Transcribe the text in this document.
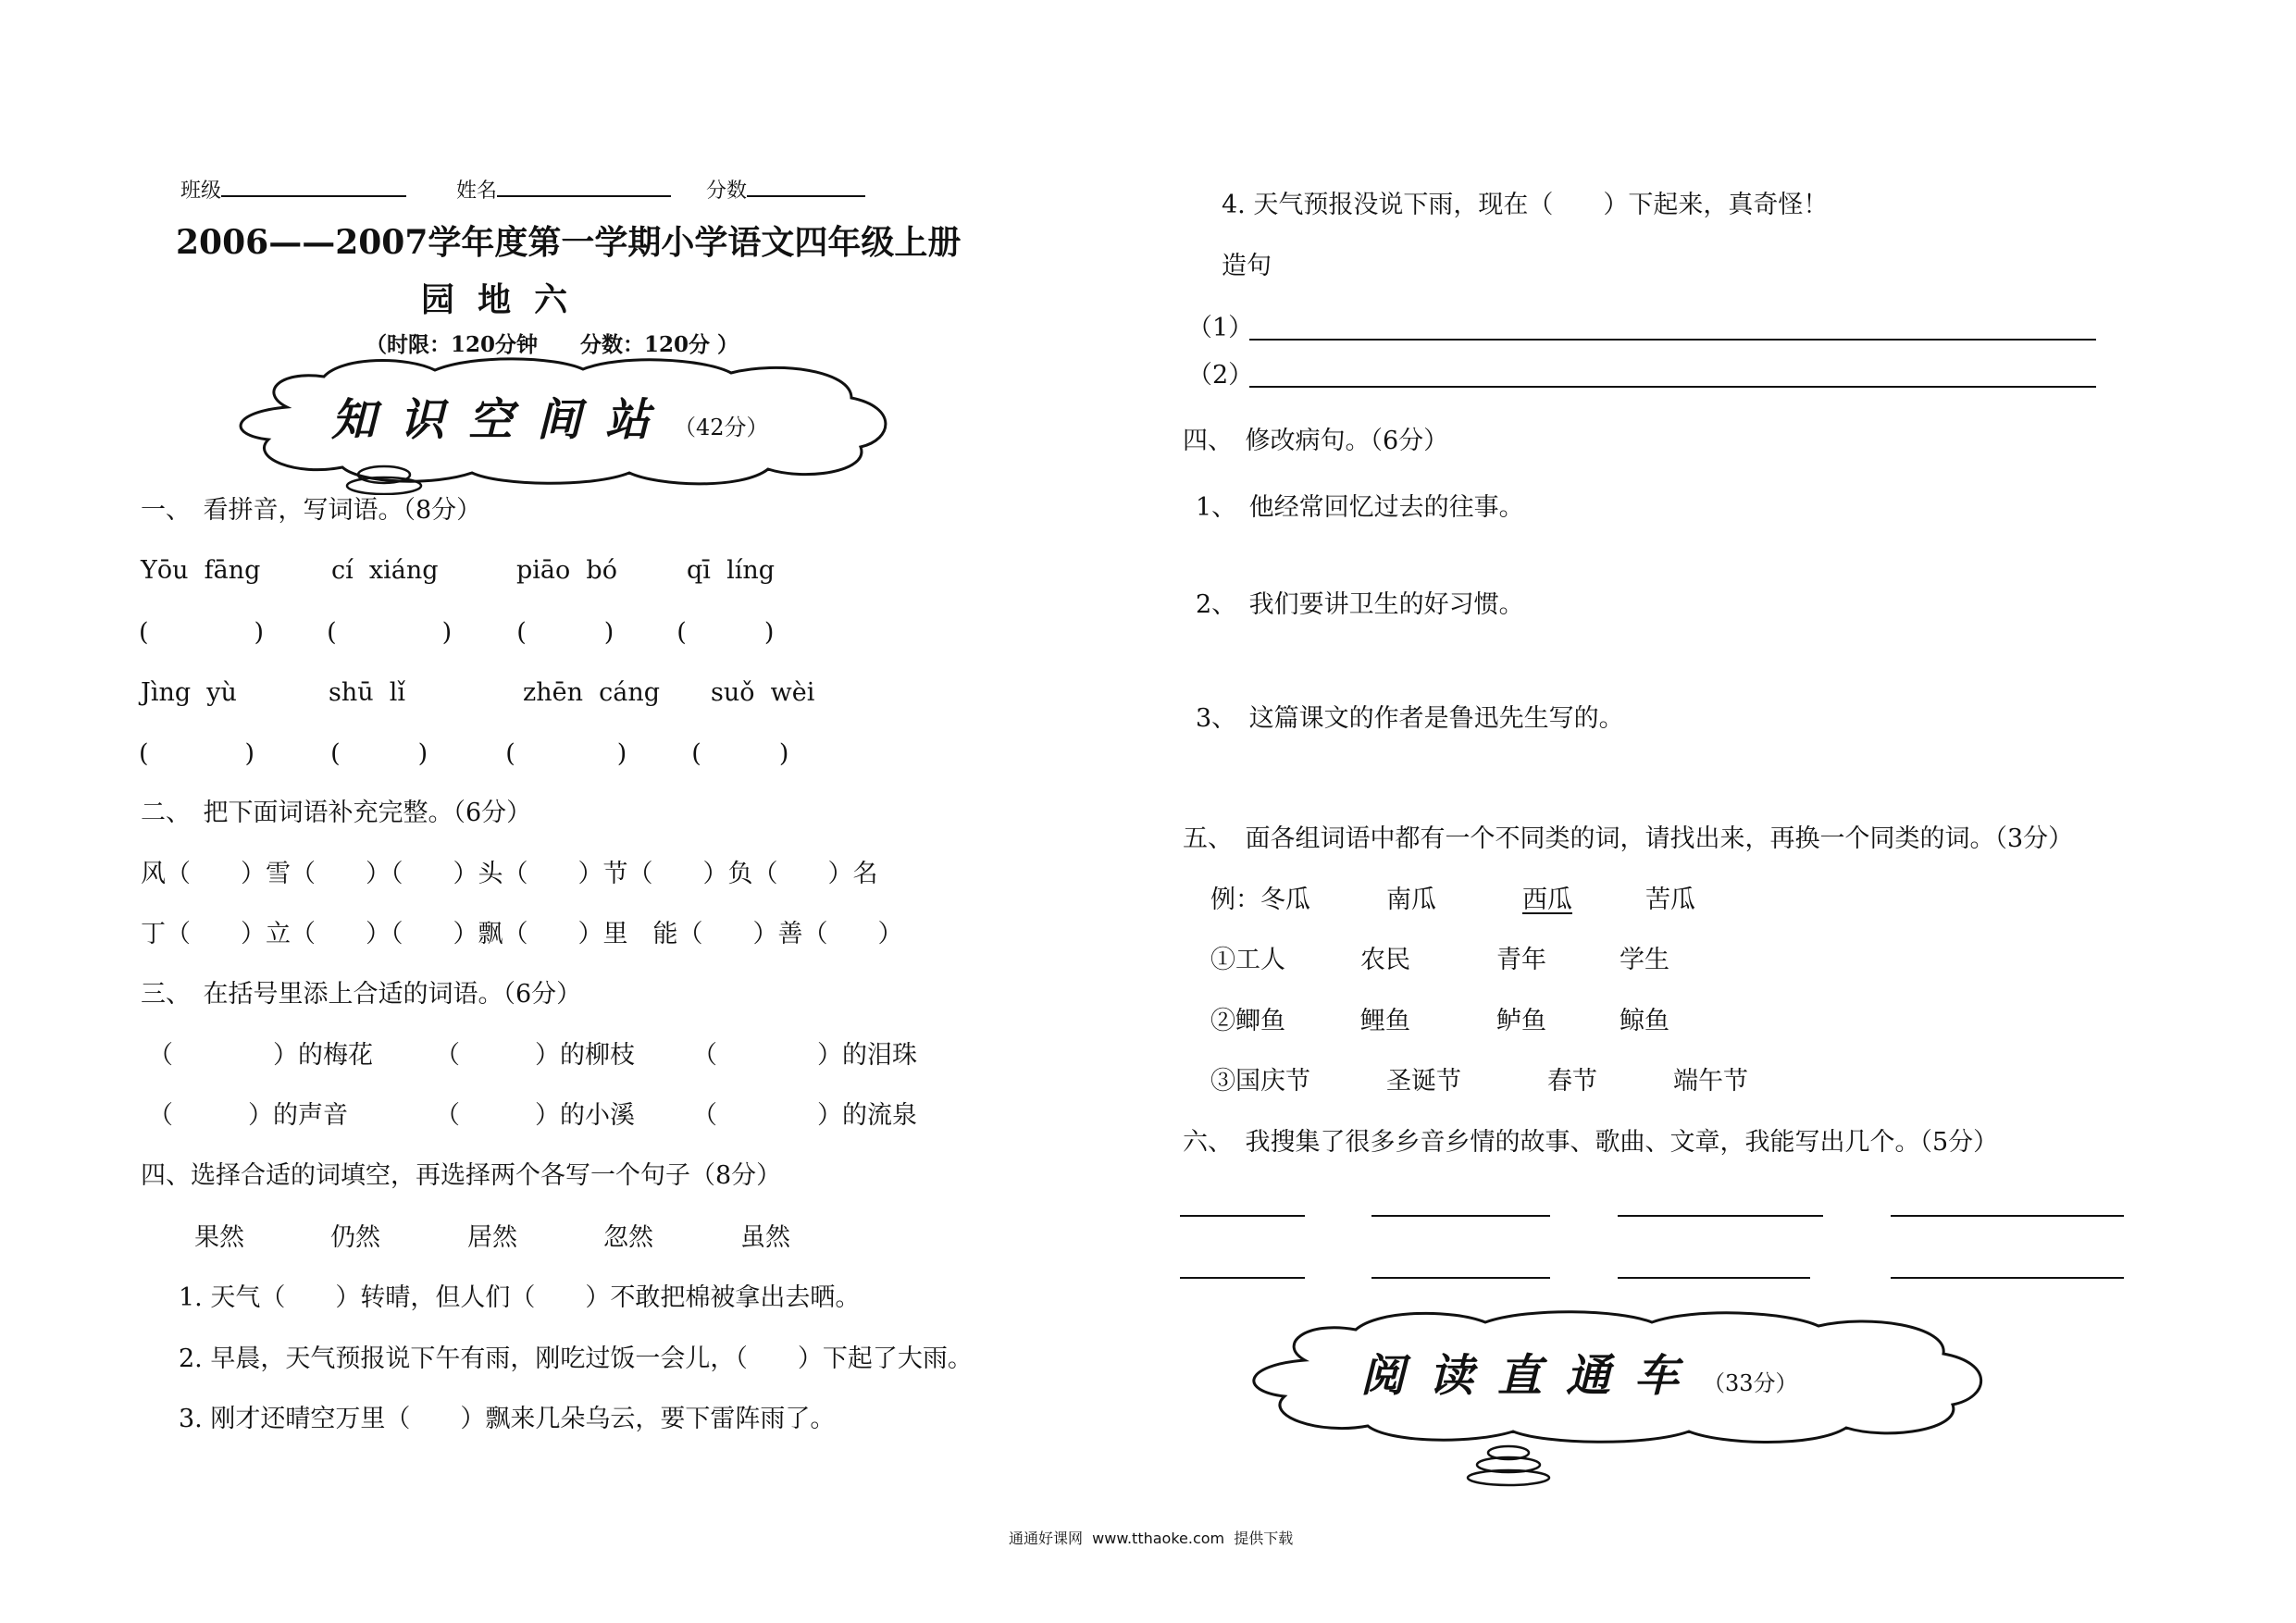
班级	姓名	分数
2006——2007学年度第一学期小学语文四年级上册
园  地  六
（时限：120分钟　　分数：120分 ）
知识空间站（42分）
一、　看拼音，写词语。（8分）
Yōu  fāng	cí  xiáng	piāo  bó	qī  líng
(	)	(	)	(	)	(	)
Jìng  yù	shū  lǐ	zhēn  cáng suǒ  wèi
(	)	(	)	(	)	(	)
二、　把下面词语补充完整。（6分）
风（　　）雪（　　）（　　）头（　　）节（　　）负（　　）名
丁（　　）立（　　）（　　）飘（　　）里　能（　　）善（　　）
三、　在括号里添上合适的词语。（6分）
（　　　　）的梅花 （　　　）的柳枝 （　　　　）的泪珠
（　　　）的声音	（　　　）的小溪 （　　　　）的流泉
四、选择合适的词填空，再选择两个各写一个句子（8分）
果然	仍然	居然	忽然	虽然
1. 天气（　　）转晴，但人们（　　）不敢把棉被拿出去晒。
2. 早晨，天气预报说下午有雨，刚吃过饭一会儿，（　　）下起了大雨。
3. 刚才还晴空万里（　　）飘来几朵乌云，要下雷阵雨了。
4. 天气预报没说下雨，现在（　　）下起来，真奇怪！
造句
（1）
（2）
四、　修改病句。（6分）
1、　他经常回忆过去的往事。
2、　我们要讲卫生的好习惯。
3、　这篇课文的作者是鲁迅先生写的。
五、　面各组词语中都有一个不同类的词，请找出来，再换一个同类的词。（3分）
例：冬瓜	南瓜	西瓜	苦瓜
①工人	农民	青年	学生
②鲫鱼	鲤鱼	鲈鱼	鲸鱼
③国庆节	圣诞节	春节	端午节
六、　我搜集了很多乡音乡情的故事、歌曲、文章，我能写出几个。（5分）
阅读直通车（33分）
通通好课网  www.tthaoke.com  提供下载
